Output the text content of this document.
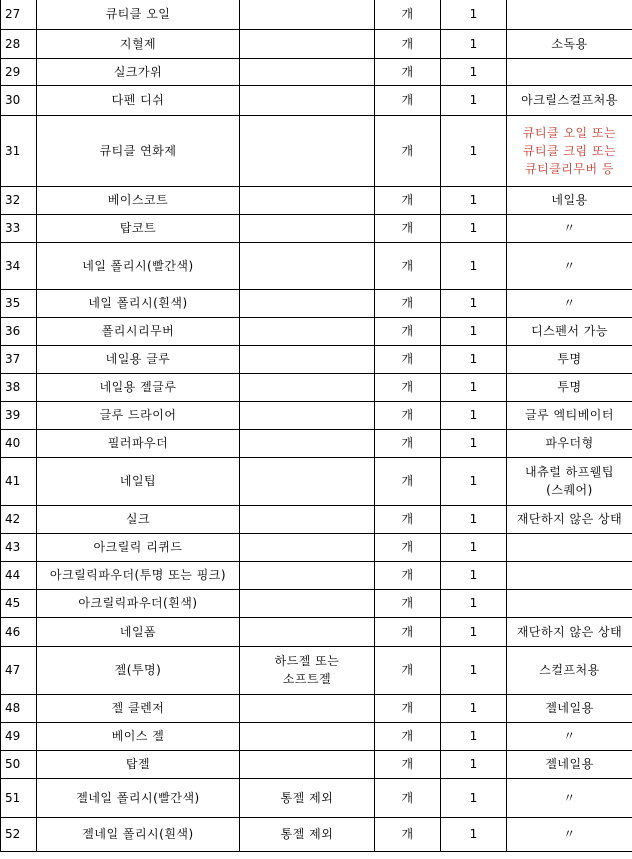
27	큐티클 오일		개	1	
28	지혈제		개	1	소독용

29	실크가위		개	1	
30	다펜 디쉬		개	1	아크릴스컬프처용

31	큐티클 연화제		개	1	큐티클 오일 또는
큐티클 크림 또는
큐티클리무버 등

32	베이스코트		개	1	네일용

33	탑코트		개	1	〃

34	네일 폴리시(빨간색)		개	1	〃

35	네일 폴리시(흰색)		개	1	〃

36	폴리시리무버		개	1	디스펜서 가능

37	네일용 글루		개	1	투명

38	네일용 젤글루		개	1	투명

39	글루 드라이어		개	1	글루 엑티베이터

40	필러파우더		개	1	파우더형

41	네일팁		개	1	내츄럴 하프웰팁
(스퀘어)

42	실크		개	1	재단하지 않은 상태

43	아크릴릭 리퀴드		개	1	
44	아크릴릭파우더(투명 또는 핑크)		개	1	
45	아크릴릭파우더(흰색)		개	1	
46	네일폼		개	1	재단하지 않은 상태

47	젤(투명)	하드젤 또는
소프트젤	개	1	스컬프처용

48	젤 클렌저		개	1	젤네일용

49	베이스 젤		개	1	〃

50	탑젤		개	1	젤네일용

51	젤네일 폴리시(빨간색)	통젤 제외	개	1	〃

52	젤네일 폴리시(흰색)	통젤 제외	개	1	〃
